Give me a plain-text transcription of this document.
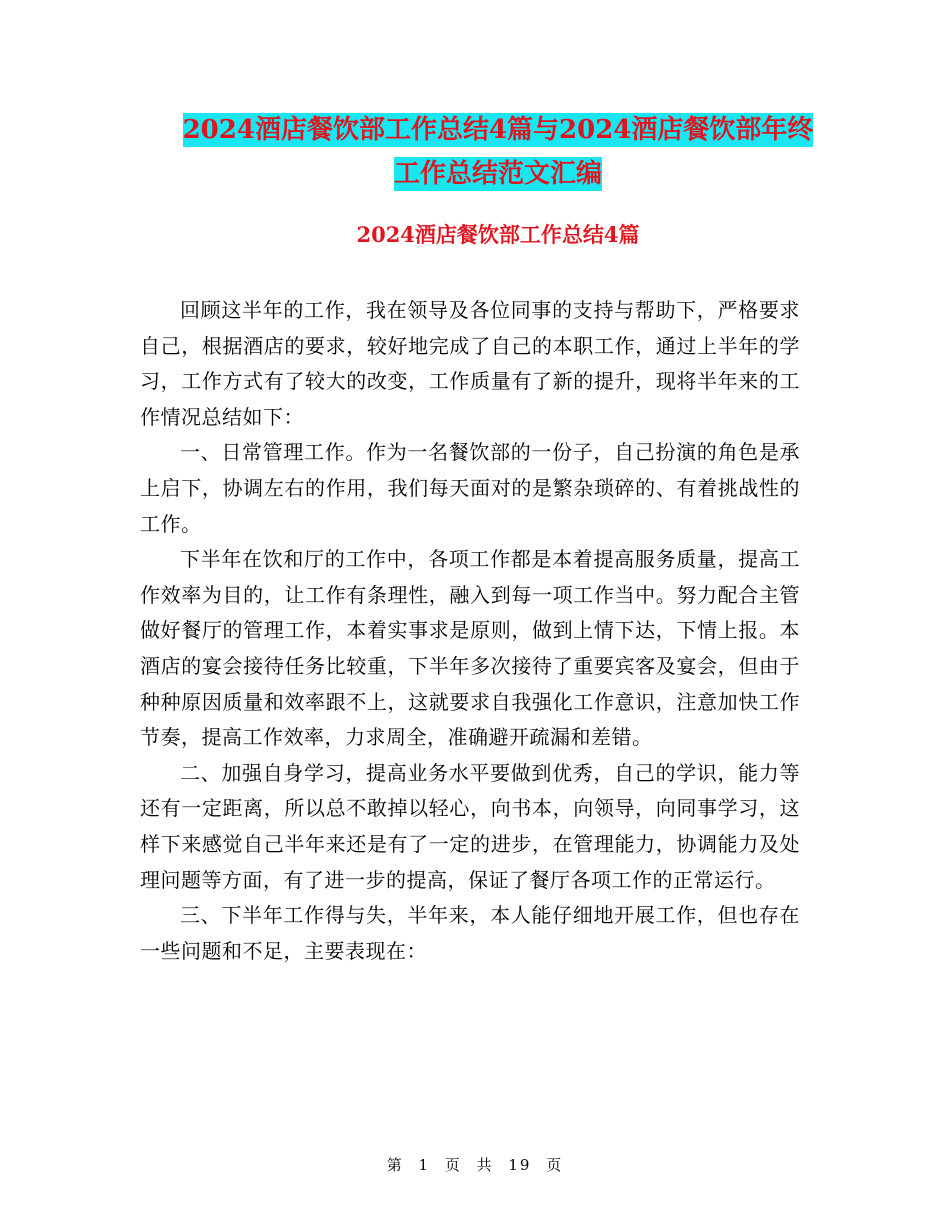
2024酒店餐饮部工作总结4篇与2024酒店餐饮部年终
工作总结范文汇编
2024酒店餐饮部工作总结4篇

回顾这半年的工作，我在领导及各位同事的支持与帮助下，严格要求自己，根据酒店的要求，较好地完成了自己的本职工作，通过上半年的学习，工作方式有了较大的改变，工作质量有了新的提升，现将半年来的工作情况总结如下：

一、日常管理工作。作为一名餐饮部的一份子，自己扮演的角色是承上启下，协调左右的作用，我们每天面对的是繁杂琐碎的、有着挑战性的工作。

下半年在饮和厅的工作中，各项工作都是本着提高服务质量，提高工作效率为目的，让工作有条理性，融入到每一项工作当中。努力配合主管做好餐厅的管理工作，本着实事求是原则，做到上情下达，下情上报。本酒店的宴会接待任务比较重，下半年多次接待了重要宾客及宴会，但由于种种原因质量和效率跟不上，这就要求自我强化工作意识，注意加快工作节奏，提高工作效率，力求周全，准确避开疏漏和差错。

二、加强自身学习，提高业务水平要做到优秀，自己的学识，能力等还有一定距离，所以总不敢掉以轻心，向书本，向领导，向同事学习，这样下来感觉自己半年来还是有了一定的进步，在管理能力，协调能力及处理问题等方面，有了进一步的提高，保证了餐厅各项工作的正常运行。

三、下半年工作得与失，半年来，本人能仔细地开展工作，但也存在一些问题和不足，主要表现在：

第 1 页 共 19 页
